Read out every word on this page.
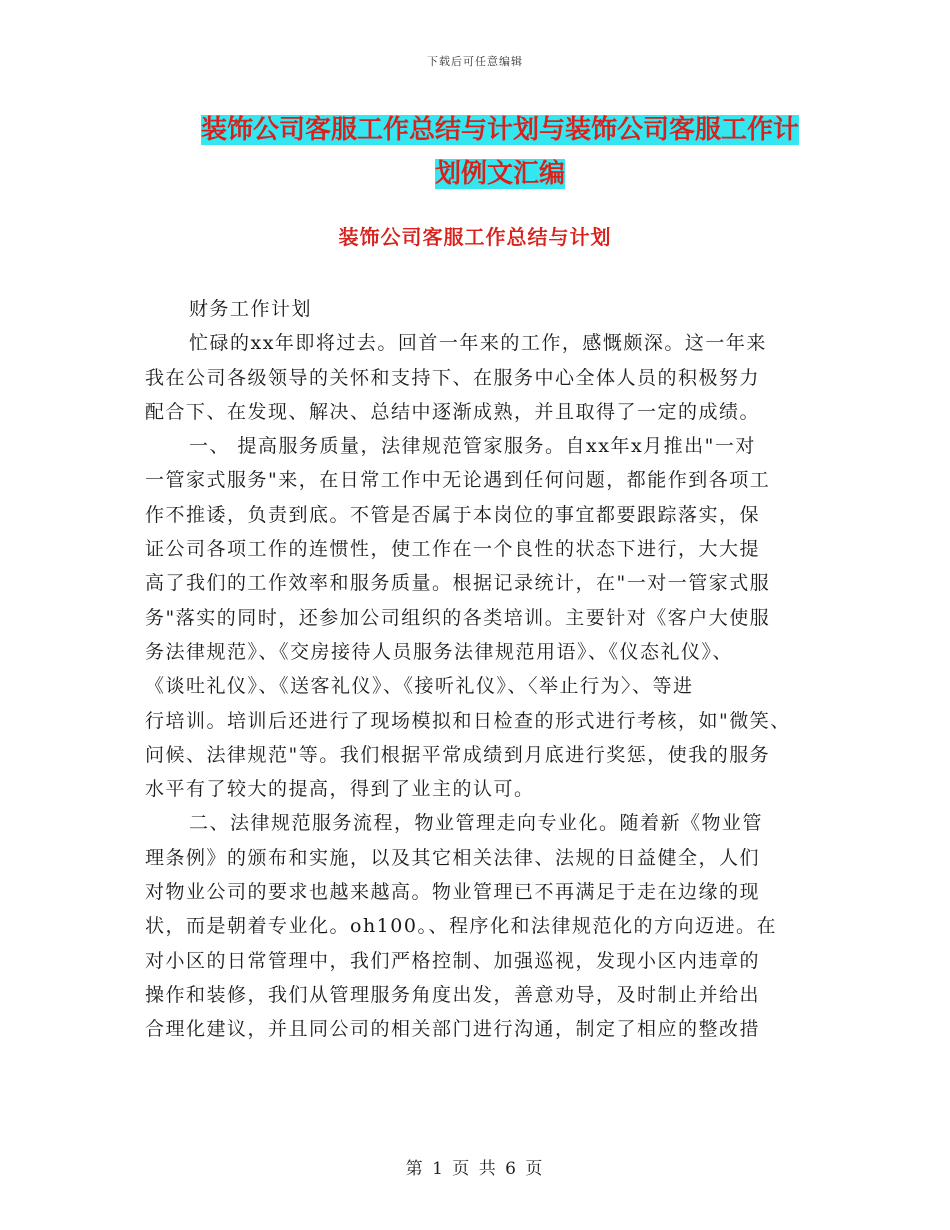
下载后可任意编辑
装饰公司客服工作总结与计划与装饰公司客服工作计
划例文汇编
装饰公司客服工作总结与计划
财务工作计划
忙碌的xx年即将过去。回首一年来的工作，感慨颇深。这一年来
我在公司各级领导的关怀和支持下、在服务中心全体人员的积极努力
配合下、在发现、解决、总结中逐渐成熟，并且取得了一定的成绩。
一、 提高服务质量，法律规范管家服务。自xx年x月推出"一对
一管家式服务"来，在日常工作中无论遇到任何问题，都能作到各项工
作不推诿，负责到底。不管是否属于本岗位的事宜都要跟踪落实，保
证公司各项工作的连惯性，使工作在一个良性的状态下进行，大大提
高了我们的工作效率和服务质量。根据记录统计，在"一对一管家式服
务"落实的同时，还参加公司组织的各类培训。主要针对《客户大使服
务法律规范》、《交房接待人员服务法律规范用语》、《仪态礼仪》、
《谈吐礼仪》、《送客礼仪》、《接听礼仪》、〈举止行为〉、等进
行培训。培训后还进行了现场模拟和日检查的形式进行考核，如"微笑、
问候、法律规范"等。我们根据平常成绩到月底进行奖惩，使我的服务
水平有了较大的提高，得到了业主的认可。
二、法律规范服务流程，物业管理走向专业化。随着新《物业管
理条例》的颁布和实施，以及其它相关法律、法规的日益健全，人们
对物业公司的要求也越来越高。物业管理已不再满足于走在边缘的现
状，而是朝着专业化。oh100。、程序化和法律规范化的方向迈进。在
对小区的日常管理中，我们严格控制、加强巡视，发现小区内违章的
操作和装修，我们从管理服务角度出发，善意劝导，及时制止并给出
合理化建议，并且同公司的相关部门进行沟通，制定了相应的整改措
第 1 页 共 6 页
